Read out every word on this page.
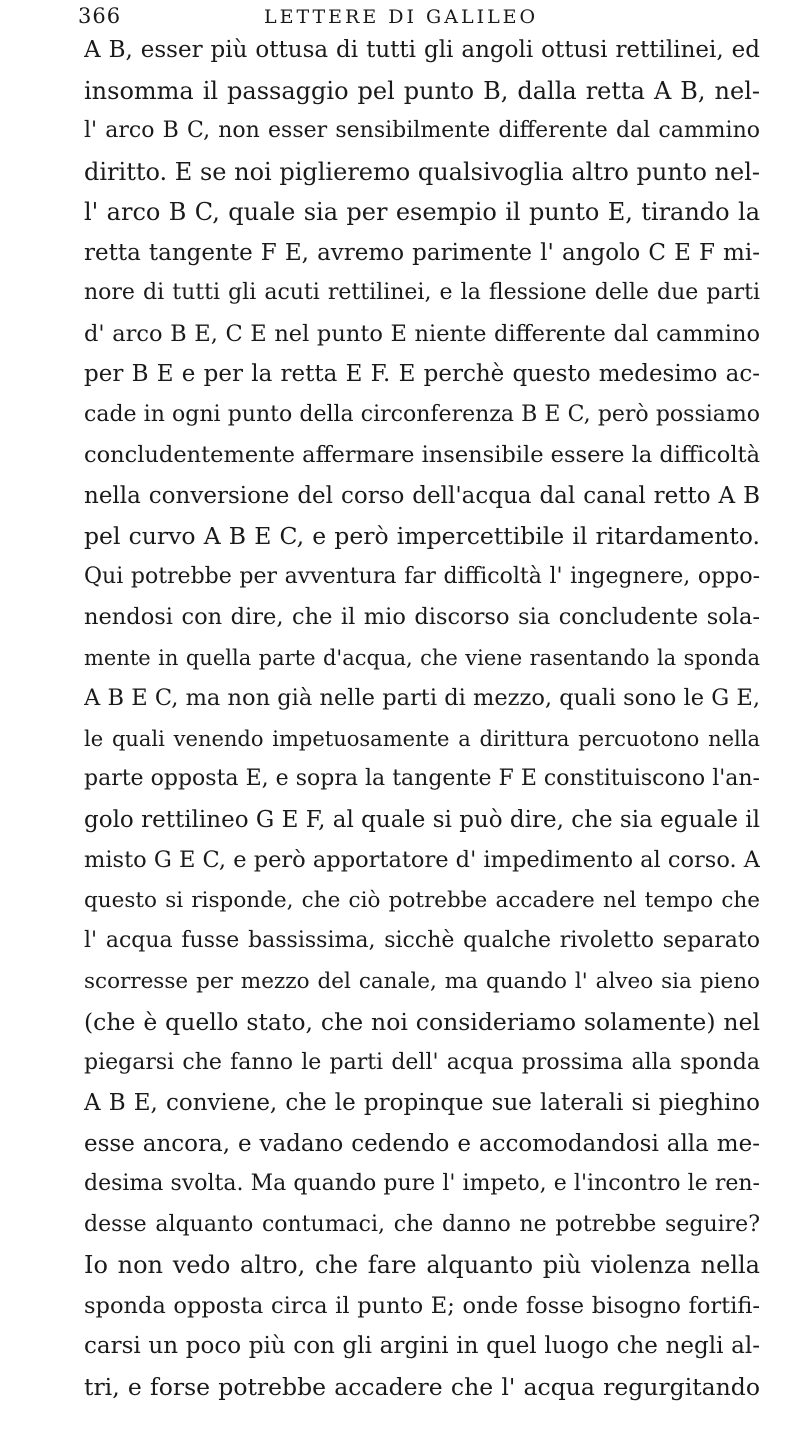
366	LETTERE DI GALILEO
A B, esser più ottusa di tutti gli angoli ottusi rettilinei, ed
insomma il passaggio pel punto B, dalla retta A B, nel-
l' arco B C, non esser sensibilmente differente dal cammino
diritto. E se noi piglieremo qualsivoglia altro punto nel-
l' arco B C, quale sia per esempio il punto E, tirando la
retta tangente F E, avremo parimente l' angolo C E F mi-
nore di tutti gli acuti rettilinei, e la flessione delle due parti
d' arco B E, C E nel punto E niente differente dal cammino
per B E e per la retta E F. E perchè questo medesimo ac-
cade in ogni punto della circonferenza B E C, però possiamo
concludentemente affermare insensibile essere la difficoltà
nella conversione del corso dell'acqua dal canal retto A B
pel curvo A B E C, e però impercettibile il ritardamento.
Qui potrebbe per avventura far difficoltà l' ingegnere, oppo-
nendosi con dire, che il mio discorso sia concludente sola-
mente in quella parte d'acqua, che viene rasentando la sponda
A B E C, ma non già nelle parti di mezzo, quali sono le G E,
le quali venendo impetuosamente a dirittura percuotono nella
parte opposta E, e sopra la tangente F E constituiscono l'an-
golo rettilineo G E F, al quale si può dire, che sia eguale il
misto G E C, e però apportatore d' impedimento al corso. A
questo si risponde, che ciò potrebbe accadere nel tempo che
l' acqua fusse bassissima, sicchè qualche rivoletto separato
scorresse per mezzo del canale, ma quando l' alveo sia pieno
(che è quello stato, che noi consideriamo solamente) nel
piegarsi che fanno le parti dell' acqua prossima alla sponda
A B E, conviene, che le propinque sue laterali si pieghino
esse ancora, e vadano cedendo e accomodandosi alla me-
desima svolta. Ma quando pure l' impeto, e l'incontro le ren-
desse alquanto contumaci, che danno ne potrebbe seguire?
Io non vedo altro, che fare alquanto più violenza nella
sponda opposta circa il punto E; onde fosse bisogno fortifi-
carsi un poco più con gli argini in quel luogo che negli al-
tri, e forse potrebbe accadere che l' acqua regurgitando
